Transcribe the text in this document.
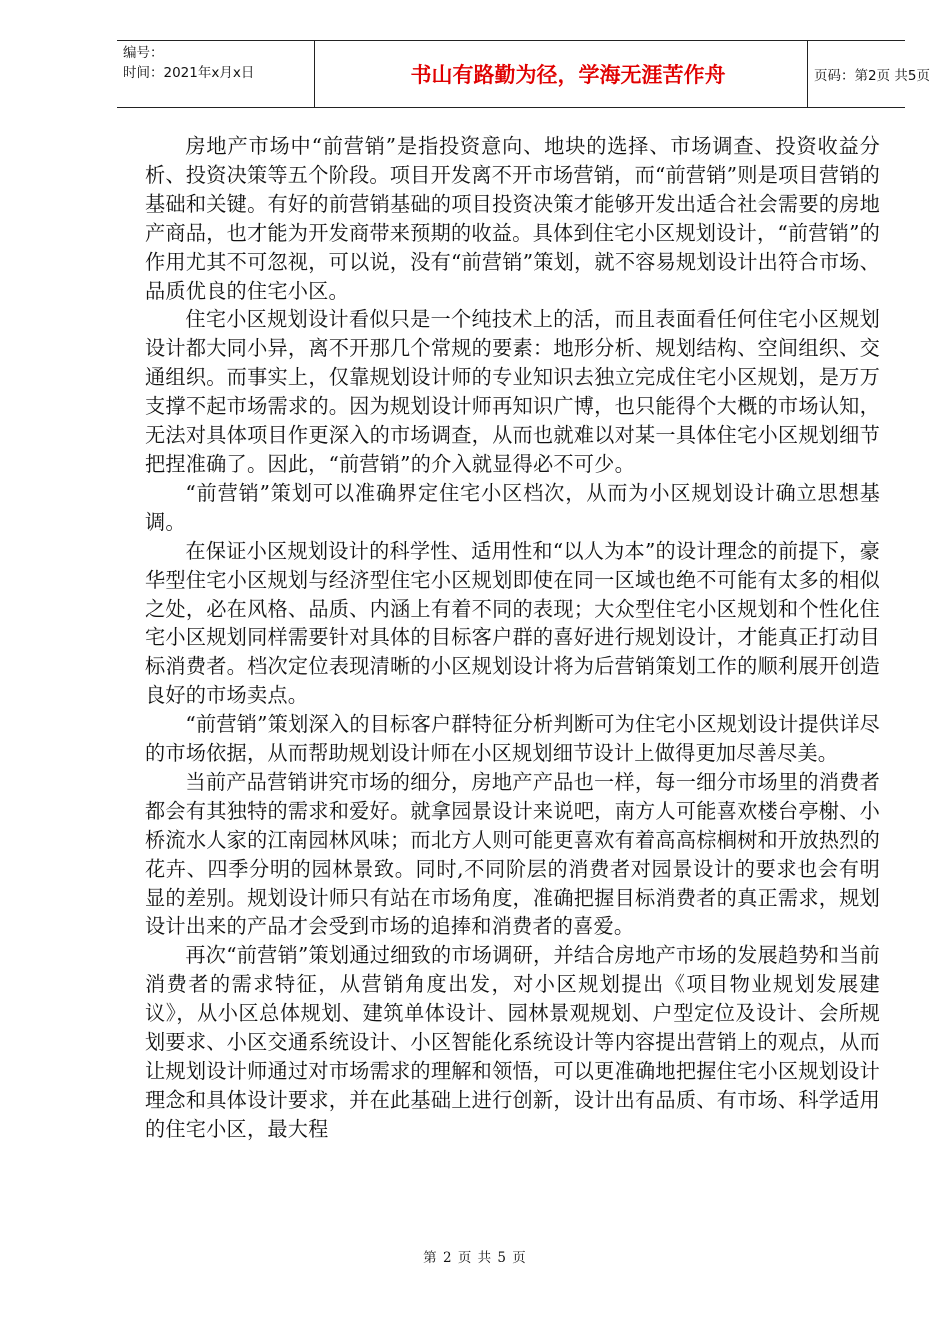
编号：
时间：2021年x月x日	书山有路勤为径，学海无涯苦作舟	页码：第2页 共5页

房地产市场中“前营销”是指投资意向、地块的选择、市场调查、投资收益分析、投资决策等五个阶段。项目开发离不开市场营销，而“前营销”则是项目营销的基础和关键。有好的前营销基础的项目投资决策才能够开发出适合社会需要的房地产商品，也才能为开发商带来预期的收益。具体到住宅小区规划设计，“前营销”的作用尤其不可忽视，可以说，没有“前营销”策划，就不容易规划设计出符合市场、品质优良的住宅小区。

住宅小区规划设计看似只是一个纯技术上的活，而且表面看任何住宅小区规划设计都大同小异，离不开那几个常规的要素：地形分析、规划结构、空间组织、交通组织。而事实上，仅靠规划设计师的专业知识去独立完成住宅小区规划，是万万支撑不起市场需求的。因为规划设计师再知识广博，也只能得个大概的市场认知，无法对具体项目作更深入的市场调查，从而也就难以对某一具体住宅小区规划细节把捏准确了。因此，“前营销”的介入就显得必不可少。

“前营销”策划可以准确界定住宅小区档次，从而为小区规划设计确立思想基调。

在保证小区规划设计的科学性、适用性和“以人为本”的设计理念的前提下，豪华型住宅小区规划与经济型住宅小区规划即使在同一区域也绝不可能有太多的相似之处，必在风格、品质、内涵上有着不同的表现；大众型住宅小区规划和个性化住宅小区规划同样需要针对具体的目标客户群的喜好进行规划设计，才能真正打动目标消费者。档次定位表现清晰的小区规划设计将为后营销策划工作的顺利展开创造良好的市场卖点。

“前营销”策划深入的目标客户群特征分析判断可为住宅小区规划设计提供详尽的市场依据，从而帮助规划设计师在小区规划细节设计上做得更加尽善尽美。

当前产品营销讲究市场的细分，房地产产品也一样，每一细分市场里的消费者都会有其独特的需求和爱好。就拿园景设计来说吧，南方人可能喜欢楼台亭榭、小桥流水人家的江南园林风味；而北方人则可能更喜欢有着高高棕榈树和开放热烈的花卉、四季分明的园林景致。同时,不同阶层的消费者对园景设计的要求也会有明显的差别。规划设计师只有站在市场角度，准确把握目标消费者的真正需求，规划设计出来的产品才会受到市场的追捧和消费者的喜爱。

再次“前营销”策划通过细致的市场调研，并结合房地产市场的发展趋势和当前消费者的需求特征，从营销角度出发，对小区规划提出《项目物业规划发展建议》，从小区总体规划、建筑单体设计、园林景观规划、户型定位及设计、会所规划要求、小区交通系统设计、小区智能化系统设计等内容提出营销上的观点，从而让规划设计师通过对市场需求的理解和领悟，可以更准确地把握住宅小区规划设计理念和具体设计要求，并在此基础上进行创新，设计出有品质、有市场、科学适用的住宅小区，最大程

第 2 页 共 5 页
